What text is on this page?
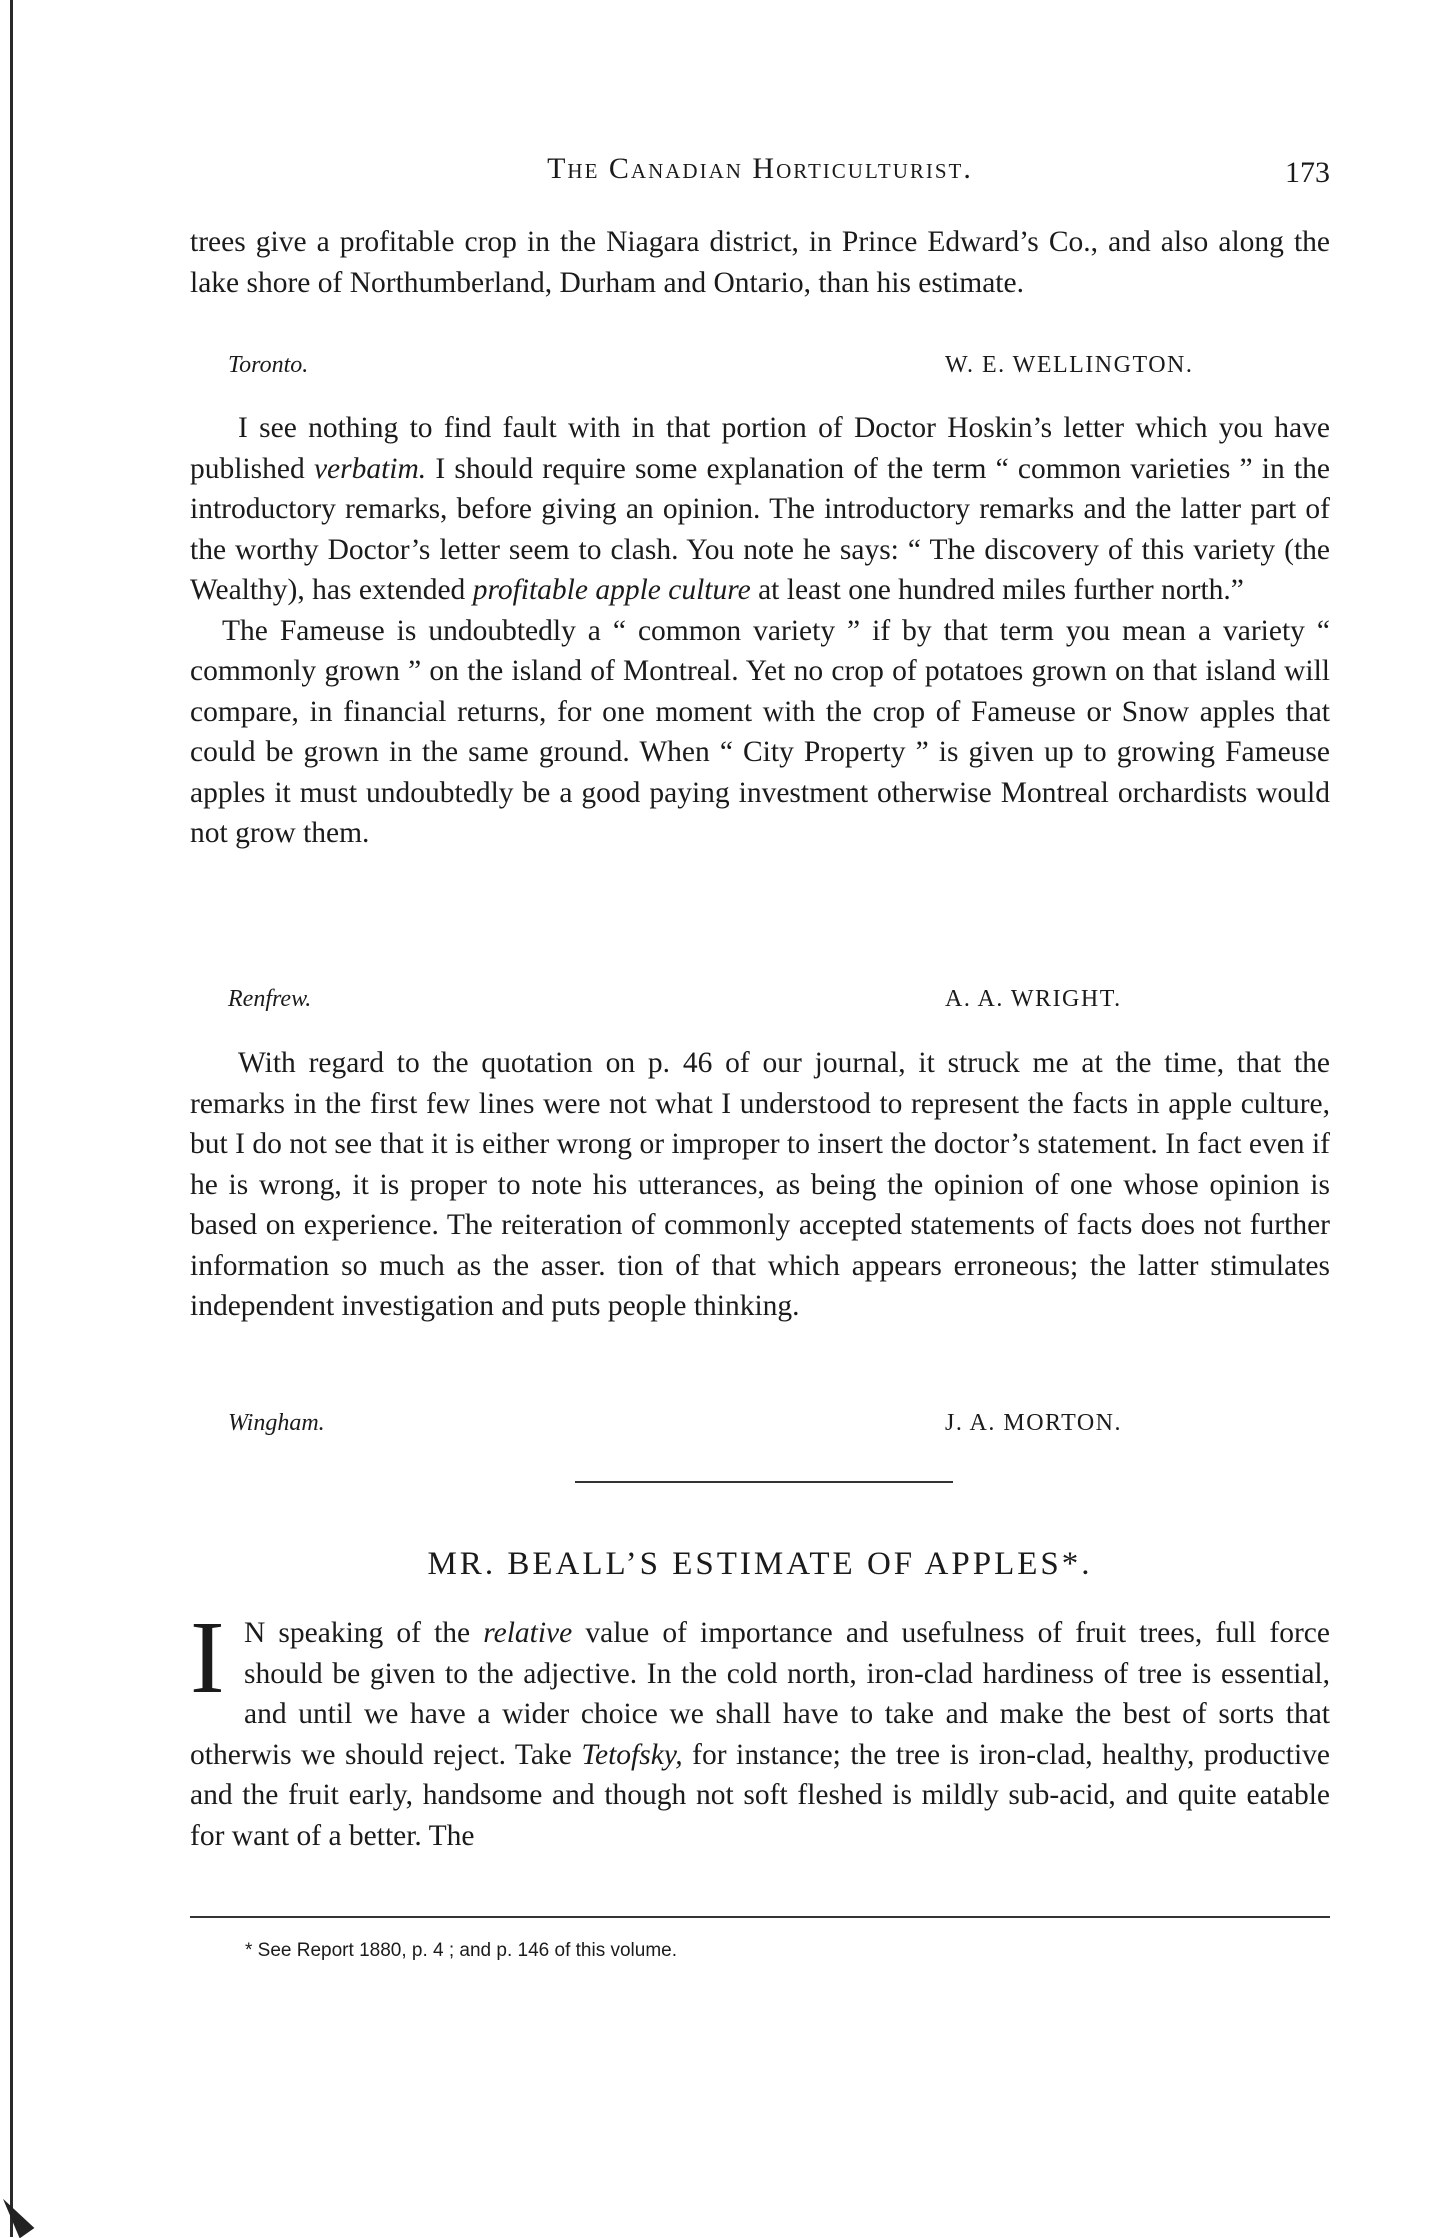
The Canadian Horticulturist.	173

trees give a profitable crop in the Niagara district, in Prince Edward’s Co., and also along the lake shore of Northumberland, Durham and Ontario, than his estimate.

Toronto.	W. E. WELLINGTON.

I see nothing to find fault with in that portion of Doctor Hoskin’s letter which you have published verbatim. I should require some explanation of the term “ common varieties ” in the introductory remarks, before giving an opinion. The introductory remarks and the latter part of the worthy Doctor’s letter seem to clash. You note he says: “ The discovery of this variety (the Wealthy), has extended profitable apple culture at least one hundred miles further north.”

The Fameuse is undoubtedly a “ common variety ” if by that term you mean a variety “ commonly grown ” on the island of Montreal. Yet no crop of potatoes grown on that island will compare, in financial returns, for one moment with the crop of Fameuse or Snow apples that could be grown in the same ground. When “ City Property ” is given up to growing Fameuse apples it must undoubtedly be a good paying investment otherwise Montreal orchardists would not grow them.

Renfrew.	A. A. WRIGHT.

With regard to the quotation on p. 46 of our journal, it struck me at the time, that the remarks in the first few lines were not what I understood to represent the facts in apple culture, but I do not see that it is either wrong or improper to insert the doctor’s statement. In fact even if he is wrong, it is proper to note his utterances, as being the opinion of one whose opinion is based on experience. The reiteration of commonly accepted statements of facts does not further information so much as the asser. tion of that which appears erroneous; the latter stimulates independent investigation and puts people thinking.

Wingham.	J. A. MORTON.
MR. BEALL’S ESTIMATE OF APPLES*.

I N speaking of the relative value of importance and usefulness of fruit trees, full force should be given to the adjective. In the cold north, iron-clad hardiness of tree is essential, and until we have a wider choice we shall have to take and make the best of sorts that otherwis we should reject. Take Tetofsky, for instance; the tree is iron-clad, healthy, productive and the fruit early, handsome and though not soft fleshed is mildly sub-acid, and quite eatable for want of a better. The

* See Report 1880, p. 4 ; and p. 146 of this volume.
